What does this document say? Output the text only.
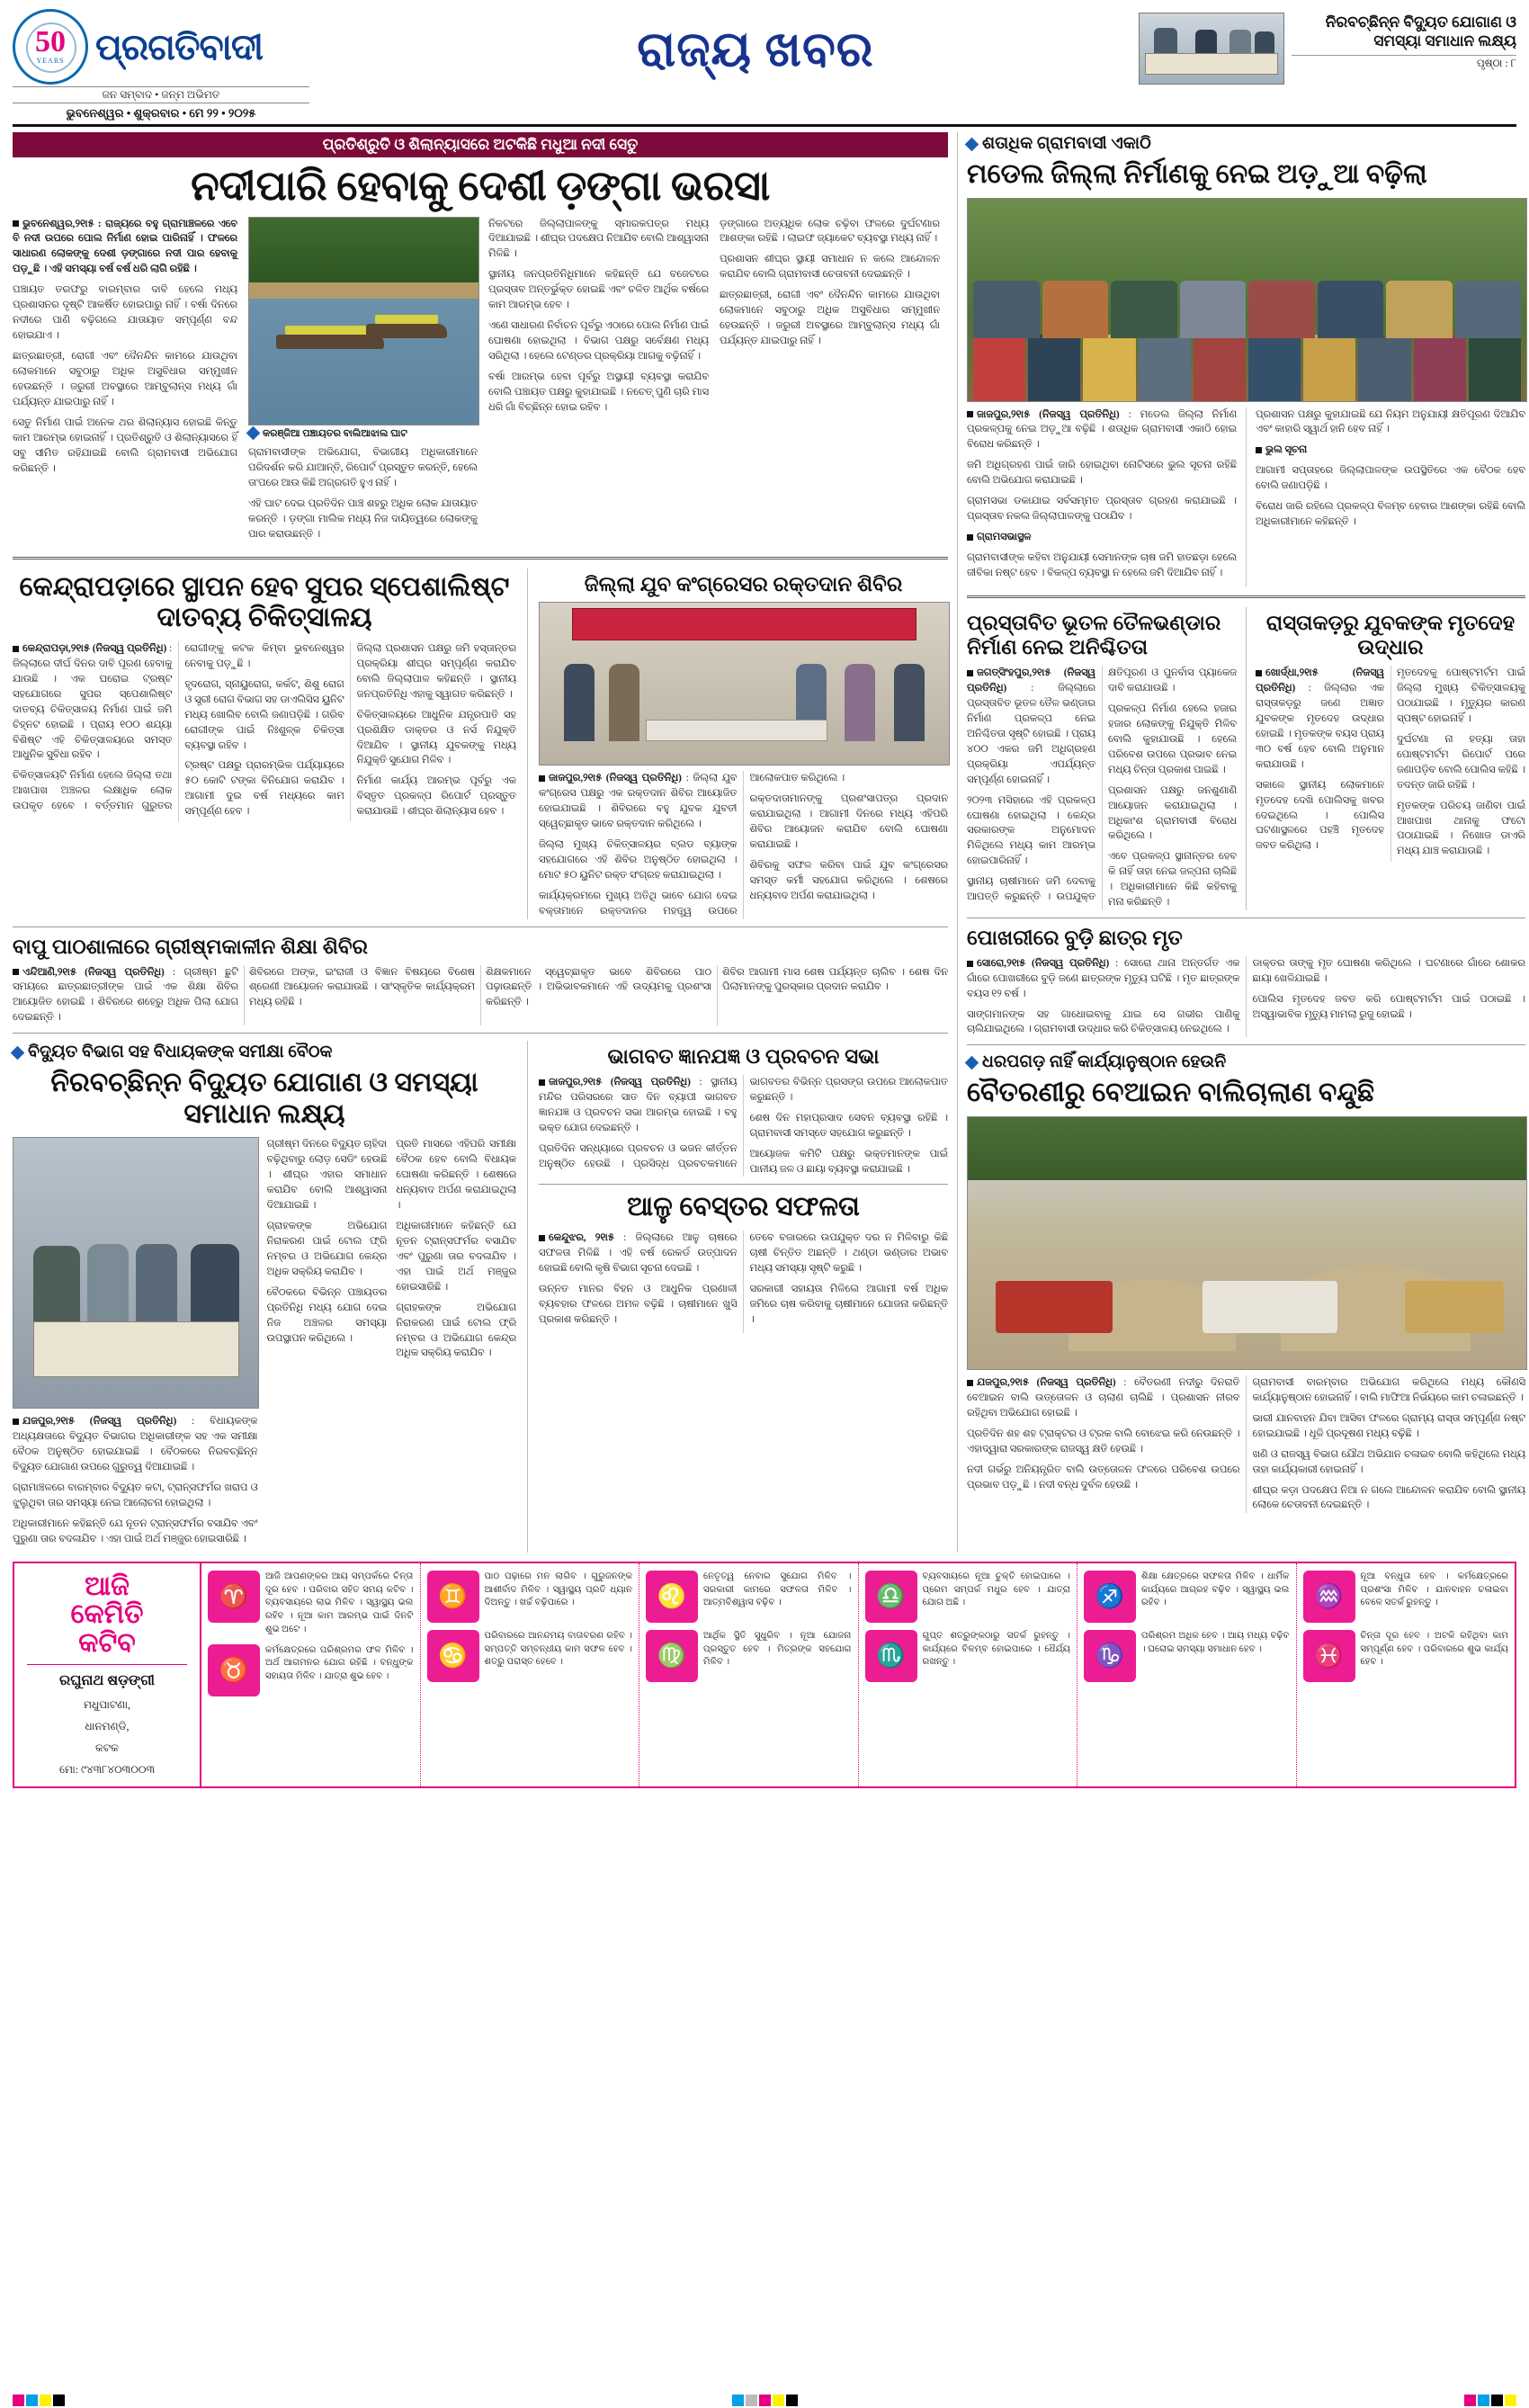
50
YEARS ପ୍ରଗତିବାଦୀ
ଜନ ସମ୍ବାଦ • ଜନ୍ମ ଅଭିମତ
ଭୁବନେଶ୍ୱର • ଶୁକ୍ରବାର • ମେ ୨୨ • ୨୦୨୫
ରାଜ୍ୟ ଖବର
ନିରବଚ୍ଛିନ୍ନ ବିଦ୍ୟୁତ ଯୋଗାଣ ଓ ସମସ୍ୟା ସମାଧାନ ଲକ୍ଷ୍ୟ
ପୃଷ୍ଠା : ୮
ପ୍ରତିଶ୍ରୁତି ଓ ଶିଲାନ୍ୟାସରେ ଅଟକିଛି ମଧୁଆ ନଦୀ ସେତୁ
ନଦୀପାରି ହେବାକୁ ଦେଶୀ ଡ଼ଙ୍ଗା ଭରସା

ଭୁବନେଶ୍ୱର,୨୧ା୫ : ରାଜ୍ୟରେ ବହୁ ଗ୍ରାମାଞ୍ଚଳରେ ଏବେ ବି ନଦୀ ଉପରେ ପୋଲ ନିର୍ମାଣ ହୋଇ ପାରିନାହିଁ । ଫଳରେ ସାଧାରଣ ଲୋକଙ୍କୁ ଦେଶୀ ଡ଼ଙ୍ଗାରେ ନଦୀ ପାର ହେବାକୁ ପଡ଼ୁଛି । ଏହି ସମସ୍ୟା ବର୍ଷ ବର୍ଷ ଧରି ଲାଗି ରହିଛି ।

ପଞ୍ଚାୟତ ତରଫରୁ ବାରମ୍ବାର ଦାବି ହେଲେ ମଧ୍ୟ ପ୍ରଶାସନର ଦୃଷ୍ଟି ଆକର୍ଷିତ ହୋଇପାରୁ ନାହିଁ । ବର୍ଷା ଦିନରେ ନଦୀରେ ପାଣି ବଢ଼ିଗଲେ ଯାତାୟାତ ସମ୍ପୂର୍ଣ୍ଣ ବନ୍ଦ ହୋଇଯାଏ ।

ଛାତ୍ରଛାତ୍ରୀ, ରୋଗୀ ଏବଂ ଦୈନନ୍ଦିନ କାମରେ ଯାଉଥିବା ଲୋକମାନେ ସବୁଠାରୁ ଅଧିକ ଅସୁବିଧାର ସମ୍ମୁଖୀନ ହେଉଛନ୍ତି । ଜରୁରୀ ଅବସ୍ଥାରେ ଆମ୍ବୁଲାନ୍ସ ମଧ୍ୟ ଗାଁ ପର୍ଯ୍ୟନ୍ତ ଯାଇପାରୁ ନାହିଁ ।

ସେତୁ ନିର୍ମାଣ ପାଇଁ ଅନେକ ଥର ଶିଲାନ୍ୟାସ ହୋଇଛି କିନ୍ତୁ କାମ ଆରମ୍ଭ ହୋଇନାହିଁ । ପ୍ରତିଶ୍ରୁତି ଓ ଶିଲାନ୍ୟାସରେ ହିଁ ସବୁ ସୀମିତ ରହିଯାଇଛି ବୋଲି ଗ୍ରାମବାସୀ ଅଭିଯୋଗ କରିଛନ୍ତି ।

କରଞ୍ଜିଆ ପଞ୍ଚାୟତର ବାଲିଆଝାଲ ଘାଟ

ଗ୍ରାମବାସୀଙ୍କ ଅଭିଯୋଗ, ବିଭାଗୀୟ ଅଧିକାରୀମାନେ ପରିଦର୍ଶନ କରି ଯାଆନ୍ତି, ରିପୋର୍ଟ ପ୍ରସ୍ତୁତ କରନ୍ତି, ହେଲେ ତା'ପରେ ଆଉ କିଛି ଅଗ୍ରଗତି ହୁଏ ନାହିଁ ।

ଏହି ଘାଟ ଦେଇ ପ୍ରତିଦିନ ପାଞ୍ଚ ଶହରୁ ଅଧିକ ଲୋକ ଯାତାୟାତ କରନ୍ତି । ଡ଼ଙ୍ଗା ମାଲିକ ମଧ୍ୟ ନିଜ ଦାୟିତ୍ୱରେ ଲୋକଙ୍କୁ ପାର କରାଉଛନ୍ତି ।

ନିକଟରେ ଜିଲ୍ଲାପାଳଙ୍କୁ ସ୍ମାରକପତ୍ର ମଧ୍ୟ ଦିଆଯାଇଛି । ଶୀଘ୍ର ପଦକ୍ଷେପ ନିଆଯିବ ବୋଲି ଆଶ୍ୱାସନା ମିଳିଛି ।

ସ୍ଥାନୀୟ ଜନପ୍ରତିନିଧିମାନେ କହିଛନ୍ତି ଯେ ବଜେଟରେ ପ୍ରସ୍ତାବ ଅନ୍ତର୍ଭୁକ୍ତ ହୋଇଛି ଏବଂ ଚଳିତ ଆର୍ଥିକ ବର୍ଷରେ କାମ ଆରମ୍ଭ ହେବ ।

ଏଣେ ସାଧାରଣ ନିର୍ବାଚନ ପୂର୍ବରୁ ଏଠାରେ ପୋଲ ନିର୍ମାଣ ପାଇଁ ଘୋଷଣା ହୋଇଥିଲା । ବିଭାଗ ପକ୍ଷରୁ ସର୍ବେକ୍ଷଣ ମଧ୍ୟ ସରିଥିଲା । ହେଲେ ଟେଣ୍ଡର ପ୍ରକ୍ରିୟା ଆଗକୁ ବଢ଼ିନାହିଁ ।

ବର୍ଷା ଆରମ୍ଭ ହେବା ପୂର୍ବରୁ ଅସ୍ଥାୟୀ ବ୍ୟବସ୍ଥା କରାଯିବ ବୋଲି ପଞ୍ଚାୟତ ପକ୍ଷରୁ କୁହାଯାଇଛି । ନଚେତ୍ ପୁଣି ଚାରି ମାସ ଧରି ଗାଁ ବିଚ୍ଛିନ୍ନ ହୋଇ ରହିବ ।

ଡ଼ଙ୍ଗାରେ ଅତ୍ୟଧିକ ଲୋକ ଚଢ଼ିବା ଫଳରେ ଦୁର୍ଘଟଣାର ଆଶଙ୍କା ରହିଛି । ଲାଇଫ ଜ୍ୟାକେଟ ବ୍ୟବସ୍ଥା ମଧ୍ୟ ନାହିଁ ।

ପ୍ରଶାସନ ଶୀଘ୍ର ସ୍ଥାୟୀ ସମାଧାନ ନ କଲେ ଆନ୍ଦୋଳନ କରାଯିବ ବୋଲି ଗ୍ରାମବାସୀ ଚେତାବନୀ ଦେଇଛନ୍ତି ।

ଛାତ୍ରଛାତ୍ରୀ, ରୋଗୀ ଏବଂ ଦୈନନ୍ଦିନ କାମରେ ଯାଉଥିବା ଲୋକମାନେ ସବୁଠାରୁ ଅଧିକ ଅସୁବିଧାର ସମ୍ମୁଖୀନ ହେଉଛନ୍ତି । ଜରୁରୀ ଅବସ୍ଥାରେ ଆମ୍ବୁଲାନ୍ସ ମଧ୍ୟ ଗାଁ ପର୍ଯ୍ୟନ୍ତ ଯାଇପାରୁ ନାହିଁ ।

କେନ୍ଦ୍ରାପଡ଼ାରେ ସ୍ଥାପନ ହେବ ସୁପର ସ୍ପେଶାଲିଷ୍ଟ ଦାତବ୍ୟ ଚିକିତ୍ସାଳୟ

କେନ୍ଦ୍ରାପଡ଼ା,୨୧ା୫ (ନିଜସ୍ୱ ପ୍ରତିନିଧି) : ଜିଲ୍ଲାରେ ଦୀର୍ଘ ଦିନର ଦାବି ପୂରଣ ହେବାକୁ ଯାଉଛି । ଏକ ଘରୋଇ ଟ୍ରଷ୍ଟ ସହଯୋଗରେ ସୁପର ସ୍ପେଶାଲିଷ୍ଟ ଦାତବ୍ୟ ଚିକିତ୍ସାଳୟ ନିର୍ମାଣ ପାଇଁ ଜମି ଚିହ୍ନଟ ହୋଇଛି । ପ୍ରାୟ ୧୦୦ ଶଯ୍ୟା ବିଶିଷ୍ଟ ଏହି ଚିକିତ୍ସାଳୟରେ ସମସ୍ତ ଆଧୁନିକ ସୁବିଧା ରହିବ ।

ଚିକିତ୍ସାଳୟଟି ନିର୍ମାଣ ହେଲେ ଜିଲ୍ଲା ତଥା ଆଖପାଖ ଅଞ୍ଚଳର ଲକ୍ଷାଧିକ ଲୋକ ଉପକୃତ ହେବେ । ବର୍ତ୍ତମାନ ଗୁରୁତର ରୋଗୀଙ୍କୁ କଟକ କିମ୍ବା ଭୁବନେଶ୍ୱର ନେବାକୁ ପଡ଼ୁଛି ।

ହୃଦରୋଗ, ସ୍ନାୟୁରୋଗ, କର୍କଟ, ଶିଶୁ ରୋଗ ଓ ସ୍ତ୍ରୀ ରୋଗ ବିଭାଗ ସହ ଡାଏଲିସିସ ୟୁନିଟ ମଧ୍ୟ ଖୋଲିବ ବୋଲି ଜଣାପଡ଼ିଛି । ଗରିବ ରୋଗୀଙ୍କ ପାଇଁ ନିଃଶୁଳ୍କ ଚିକିତ୍ସା ବ୍ୟବସ୍ଥା ରହିବ ।

ଟ୍ରଷ୍ଟ ପକ୍ଷରୁ ପ୍ରାରମ୍ଭିକ ପର୍ଯ୍ୟାୟରେ ୫୦ କୋଟି ଟଙ୍କା ବିନିଯୋଗ କରାଯିବ । ଆଗାମୀ ଦୁଇ ବର୍ଷ ମଧ୍ୟରେ କାମ ସମ୍ପୂର୍ଣ୍ଣ ହେବ ।

ଜିଲ୍ଲା ପ୍ରଶାସନ ପକ୍ଷରୁ ଜମି ହସ୍ତାନ୍ତର ପ୍ରକ୍ରିୟା ଶୀଘ୍ର ସମ୍ପୂର୍ଣ୍ଣ କରାଯିବ ବୋଲି ଜିଲ୍ଲାପାଳ କହିଛନ୍ତି । ସ୍ଥାନୀୟ ଜନପ୍ରତିନିଧି ଏହାକୁ ସ୍ୱାଗତ କରିଛନ୍ତି ।

ଚିକିତ୍ସାଳୟରେ ଆଧୁନିକ ଯନ୍ତ୍ରପାତି ସହ ପ୍ରଶିକ୍ଷିତ ଡାକ୍ତର ଓ ନର୍ସ ନିଯୁକ୍ତି ଦିଆଯିବ । ସ୍ଥାନୀୟ ଯୁବକଙ୍କୁ ମଧ୍ୟ ନିଯୁକ୍ତି ସୁଯୋଗ ମିଳିବ ।

ନିର୍ମାଣ କାର୍ଯ୍ୟ ଆରମ୍ଭ ପୂର୍ବରୁ ଏକ ବିସ୍ତୃତ ପ୍ରକଳ୍ପ ରିପୋର୍ଟ ପ୍ରସ୍ତୁତ କରାଯାଉଛି । ଶୀଘ୍ର ଶିଲାନ୍ୟାସ ହେବ ।

ଜିଲ୍ଲା ଯୁବ କଂଗ୍ରେସର ରକ୍ତଦାନ ଶିବିର

ଜାଜପୁର,୨୧ା୫ (ନିଜସ୍ୱ ପ୍ରତିନିଧି) : ଜିଲ୍ଲା ଯୁବ କଂଗ୍ରେସ ପକ୍ଷରୁ ଏକ ରକ୍ତଦାନ ଶିବିର ଆୟୋଜିତ ହୋଇଯାଇଛି । ଶିବିରରେ ବହୁ ଯୁବକ ଯୁବତୀ ସ୍ୱେଚ୍ଛାକୃତ ଭାବେ ରକ୍ତଦାନ କରିଥିଲେ ।

ଜିଲ୍ଲା ମୁଖ୍ୟ ଚିକିତ୍ସାଳୟର ବ୍ଲଡ ବ୍ୟାଙ୍କ ସହଯୋଗରେ ଏହି ଶିବିର ଅନୁଷ୍ଠିତ ହୋଇଥିଲା । ମୋଟ ୫୦ ୟୁନିଟ ରକ୍ତ ସଂଗ୍ରହ କରାଯାଇଥିଲା ।

କାର୍ଯ୍ୟକ୍ରମରେ ମୁଖ୍ୟ ଅତିଥି ଭାବେ ଯୋଗ ଦେଇ ବକ୍ତାମାନେ ରକ୍ତଦାନର ମହତ୍ତ୍ୱ ଉପରେ ଆଲୋକପାତ କରିଥିଲେ ।

ରକ୍ତଦାତାମାନଙ୍କୁ ପ୍ରଶଂସାପତ୍ର ପ୍ରଦାନ କରାଯାଇଥିଲା । ଆଗାମୀ ଦିନରେ ମଧ୍ୟ ଏହିପରି ଶିବିର ଆୟୋଜନ କରାଯିବ ବୋଲି ଘୋଷଣା କରାଯାଇଛି ।

ଶିବିରକୁ ସଫଳ କରିବା ପାଇଁ ଯୁବ କଂଗ୍ରେସର ସମସ୍ତ କର୍ମୀ ସହଯୋଗ କରିଥିଲେ । ଶେଷରେ ଧନ୍ୟବାଦ ଅର୍ପଣ କରାଯାଇଥିଲା ।

ବାପୁ ପାଠଶାଳାରେ ଗ୍ରୀଷ୍ମକାଳୀନ ଶିକ୍ଷା ଶିବିର

ଏନ୍ଦିଆଣି,୨୧ା୫ (ନିଜସ୍ୱ ପ୍ରତିନିଧି) : ଗ୍ରୀଷ୍ମ ଛୁଟି ସମୟରେ ଛାତ୍ରଛାତ୍ରୀଙ୍କ ପାଇଁ ଏକ ଶିକ୍ଷା ଶିବିର ଆୟୋଜିତ ହୋଇଛି । ଶିବିରରେ ଶହେରୁ ଅଧିକ ପିଲା ଯୋଗ ଦେଇଛନ୍ତି ।

ଶିବିରରେ ଅଙ୍କ, ଇଂରାଜୀ ଓ ବିଜ୍ଞାନ ବିଷୟରେ ବିଶେଷ ଶ୍ରେଣୀ ଆୟୋଜନ କରାଯାଉଛି । ସାଂସ୍କୃତିକ କାର୍ଯ୍ୟକ୍ରମ ମଧ୍ୟ ରହିଛି ।

ଶିକ୍ଷକମାନେ ସ୍ୱେଚ୍ଛାକୃତ ଭାବେ ଶିବିରରେ ପାଠ ପଢ଼ାଉଛନ୍ତି । ଅଭିଭାବକମାନେ ଏହି ଉଦ୍ୟମକୁ ପ୍ରଶଂସା କରିଛନ୍ତି ।

ଶିବିର ଆଗାମୀ ମାସ ଶେଷ ପର୍ଯ୍ୟନ୍ତ ଚାଲିବ । ଶେଷ ଦିନ ପିଲାମାନଙ୍କୁ ପୁରସ୍କାର ପ୍ରଦାନ କରାଯିବ ।

ବିଦ୍ୟୁତ ବିଭାଗ ସହ ବିଧାୟକଙ୍କ ସମୀକ୍ଷା ବୈଠକ
ନିରବଚ୍ଛିନ୍ନ ବିଦ୍ୟୁତ ଯୋଗାଣ ଓ ସମସ୍ୟା ସମାଧାନ ଲକ୍ଷ୍ୟ

ଯଜପୁର,୨୧ା୫ (ନିଜସ୍ୱ ପ୍ରତିନିଧି) : ବିଧାୟକଙ୍କ ଅଧ୍ୟକ୍ଷତାରେ ବିଦ୍ୟୁତ ବିଭାଗର ଅଧିକାରୀଙ୍କ ସହ ଏକ ସମୀକ୍ଷା ବୈଠକ ଅନୁଷ୍ଠିତ ହୋଇଯାଇଛି । ବୈଠକରେ ନିରବଚ୍ଛିନ୍ନ ବିଦ୍ୟୁତ ଯୋଗାଣ ଉପରେ ଗୁରୁତ୍ୱ ଦିଆଯାଇଛି ।

ଗ୍ରାମାଞ୍ଚଳରେ ବାରମ୍ବାର ବିଦ୍ୟୁତ କଟା, ଟ୍ରାନ୍ସଫର୍ମର ଖରାପ ଓ ଝୁଲୁଥିବା ତାର ସମସ୍ୟା ନେଇ ଆଲୋଚନା ହୋଇଥିଲା ।

ଅଧିକାରୀମାନେ କହିଛନ୍ତି ଯେ ନୂତନ ଟ୍ରାନ୍ସଫର୍ମର ବସାଯିବ ଏବଂ ପୁରୁଣା ତାର ବଦଳାଯିବ । ଏହା ପାଇଁ ଅର୍ଥ ମଞ୍ଜୁର ହୋଇସାରିଛି ।

ଗ୍ରୀଷ୍ମ ଦିନରେ ବିଦ୍ୟୁତ ଚାହିଦା ବଢ଼ିଥିବାରୁ ଲୋଡ଼ ସେଡିଂ ହେଉଛି । ଶୀଘ୍ର ଏହାର ସମାଧାନ କରାଯିବ ବୋଲି ଆଶ୍ୱାସନା ଦିଆଯାଇଛି ।

ଗ୍ରାହକଙ୍କ ଅଭିଯୋଗ ନିରାକରଣ ପାଇଁ ଟୋଲ ଫ୍ରି ନମ୍ବର ଓ ଅଭିଯୋଗ କେନ୍ଦ୍ର ଅଧିକ ସକ୍ରିୟ କରାଯିବ ।

ବୈଠକରେ ବିଭିନ୍ନ ପଞ୍ଚାୟତର ପ୍ରତିନିଧି ମଧ୍ୟ ଯୋଗ ଦେଇ ନିଜ ଅଞ୍ଚଳର ସମସ୍ୟା ଉପସ୍ଥାପନ କରିଥିଲେ ।

ପ୍ରତି ମାସରେ ଏହିପରି ସମୀକ୍ଷା ବୈଠକ ହେବ ବୋଲି ବିଧାୟକ ଘୋଷଣା କରିଛନ୍ତି । ଶେଷରେ ଧନ୍ୟବାଦ ଅର୍ପଣ କରାଯାଇଥିଲା ।

ଅଧିକାରୀମାନେ କହିଛନ୍ତି ଯେ ନୂତନ ଟ୍ରାନ୍ସଫର୍ମର ବସାଯିବ ଏବଂ ପୁରୁଣା ତାର ବଦଳାଯିବ । ଏହା ପାଇଁ ଅର୍ଥ ମଞ୍ଜୁର ହୋଇସାରିଛି ।

ଗ୍ରାହକଙ୍କ ଅଭିଯୋଗ ନିରାକରଣ ପାଇଁ ଟୋଲ ଫ୍ରି ନମ୍ବର ଓ ଅଭିଯୋଗ କେନ୍ଦ୍ର ଅଧିକ ସକ୍ରିୟ କରାଯିବ ।

ଭାଗବତ ଜ୍ଞାନଯଜ୍ଞ ଓ ପ୍ରବଚନ ସଭା

ଜାଜପୁର,୨୧ା୫ (ନିଜସ୍ୱ ପ୍ରତିନିଧି) : ସ୍ଥାନୀୟ ମନ୍ଦିର ପରିସରରେ ସାତ ଦିନ ବ୍ୟାପୀ ଭାଗବତ ଜ୍ଞାନଯଜ୍ଞ ଓ ପ୍ରବଚନ ସଭା ଆରମ୍ଭ ହୋଇଛି । ବହୁ ଭକ୍ତ ଯୋଗ ଦେଇଛନ୍ତି ।

ପ୍ରତିଦିନ ସନ୍ଧ୍ୟାରେ ପ୍ରବଚନ ଓ ଭଜନ କୀର୍ତ୍ତନ ଅନୁଷ୍ଠିତ ହେଉଛି । ପ୍ରସିଦ୍ଧ ପ୍ରବଚକମାନେ ଭାଗବତର ବିଭିନ୍ନ ପ୍ରସଙ୍ଗ ଉପରେ ଆଲୋକପାତ କରୁଛନ୍ତି ।

ଶେଷ ଦିନ ମହାପ୍ରସାଦ ସେବନ ବ୍ୟବସ୍ଥା ରହିଛି । ଗ୍ରାମବାସୀ ସମସ୍ତେ ସହଯୋଗ କରୁଛନ୍ତି ।

ଆୟୋଜକ କମିଟି ପକ୍ଷରୁ ଭକ୍ତମାନଙ୍କ ପାଇଁ ପାନୀୟ ଜଳ ଓ ଛାୟା ବ୍ୟବସ୍ଥା କରାଯାଇଛି ।

ଆଳୁ ବେସ୍ତର ସଫଳତା

କେନ୍ଦୁଝର, ୨୧ା୫ : ଜିଲ୍ଲାରେ ଆଳୁ ଚାଷରେ ସଫଳତା ମିଳିଛି । ଏହି ବର୍ଷ ରେକର୍ଡ ଉତ୍ପାଦନ ହୋଇଛି ବୋଲି କୃଷି ବିଭାଗ ସୂଚନା ଦେଇଛି ।

ଉନ୍ନତ ମାନର ବିହନ ଓ ଆଧୁନିକ ପ୍ରଣାଳୀ ବ୍ୟବହାର ଫଳରେ ଅମଳ ବଢ଼ିଛି । ଚାଷୀମାନେ ଖୁସି ପ୍ରକାଶ କରିଛନ୍ତି ।

ତେବେ ବଜାରରେ ଉପଯୁକ୍ତ ଦର ନ ମିଳିବାରୁ କିଛି ଚାଷୀ ଚିନ୍ତିତ ଅଛନ୍ତି । ଥଣ୍ଡା ଭଣ୍ଡାର ଅଭାବ ମଧ୍ୟ ସମସ୍ୟା ସୃଷ୍ଟି କରୁଛି ।

ସରକାରୀ ସହାୟତା ମିଳିଲେ ଆଗାମୀ ବର୍ଷ ଅଧିକ ଜମିରେ ଚାଷ କରିବାକୁ ଚାଷୀମାନେ ଯୋଜନା କରିଛନ୍ତି ।

ଶତାଧିକ ଗ୍ରାମବାସୀ ଏକାଠି
ମଡେଲ ଜିଲ୍ଲା ନିର୍ମାଣକୁ ନେଇ ଅଡ଼ୁଆ ବଢ଼ିଲା

ଜାଜପୁର,୨୧ା୫ (ନିଜସ୍ୱ ପ୍ରତିନିଧି) : ମଡେଲ ଜିଲ୍ଲା ନିର୍ମାଣ ପ୍ରକଳ୍ପକୁ ନେଇ ଅଡ଼ୁଆ ବଢ଼ିଛି । ଶତାଧିକ ଗ୍ରାମବାସୀ ଏକାଠି ହୋଇ ବିରୋଧ କରିଛନ୍ତି ।

ଜମି ଅଧିଗ୍ରହଣ ପାଇଁ ଜାରି ହୋଇଥିବା ନୋଟିସରେ ଭୁଲ ସୂଚନା ରହିଛି ବୋଲି ଅଭିଯୋଗ କରାଯାଇଛି ।

ଗ୍ରାମସଭା ଡକାଯାଇ ସର୍ବସମ୍ମତ ପ୍ରସ୍ତାବ ଗ୍ରହଣ କରାଯାଇଛି । ପ୍ରସ୍ତାବ ନକଲ ଜିଲ୍ଲାପାଳଙ୍କୁ ପଠାଯିବ ।

ଗ୍ରାମସଭାସ୍ଥଳ

ଗ୍ରାମବାସୀଙ୍କ କହିବା ଅନୁଯାୟୀ ସେମାନଙ୍କ ଚାଷ ଜମି ହାତଛଡ଼ା ହେଲେ ଜୀବିକା ନଷ୍ଟ ହେବ । ବିକଳ୍ପ ବ୍ୟବସ୍ଥା ନ ହେଲେ ଜମି ଦିଆଯିବ ନାହିଁ ।

ପ୍ରଶାସନ ପକ୍ଷରୁ କୁହାଯାଇଛି ଯେ ନିୟମ ଅନୁଯାୟୀ କ୍ଷତିପୂରଣ ଦିଆଯିବ ଏବଂ କାହାରି ସ୍ୱାର୍ଥ ହାନି ହେବ ନାହିଁ ।

ଭୁଲ ସୂଚନା

ଆଗାମୀ ସପ୍ତାହରେ ଜିଲ୍ଲାପାଳଙ୍କ ଉପସ୍ଥିତିରେ ଏକ ବୈଠକ ହେବ ବୋଲି ଜଣାପଡ଼ିଛି ।

ବିରୋଧ ଜାରି ରହିଲେ ପ୍ରକଳ୍ପ ବିଳମ୍ବ ହେବାର ଆଶଙ୍କା ରହିଛି ବୋଲି ଅଧିକାରୀମାନେ କହିଛନ୍ତି ।

ପ୍ରସ୍ତାବିତ ଭୂତଳ ତୈଳଭଣ୍ଡାର ନିର୍ମାଣ ନେଇ ଅନିଶ୍ଚିତତା

ଜଗତ୍‌ସିଂହପୁର,୨୧ା୫ (ନିଜସ୍ୱ ପ୍ରତିନିଧି) : ଜିଲ୍ଲାରେ ପ୍ରସ୍ତାବିତ ଭୂତଳ ତୈଳ ଭଣ୍ଡାର ନିର୍ମାଣ ପ୍ରକଳ୍ପ ନେଇ ଅନିଶ୍ଚିତତା ସୃଷ୍ଟି ହୋଇଛି । ପ୍ରାୟ ୪୦୦ ଏକର ଜମି ଅଧିଗ୍ରହଣ ପ୍ରକ୍ରିୟା ଏପର୍ଯ୍ୟନ୍ତ ସମ୍ପୂର୍ଣ୍ଣ ହୋଇନାହିଁ ।

୨୦୨୩ ମସିହାରେ ଏହି ପ୍ରକଳ୍ପ ଘୋଷଣା ହୋଇଥିଲା । କେନ୍ଦ୍ର ସରକାରଙ୍କ ଅନୁମୋଦନ ମିଳିଥିଲେ ମଧ୍ୟ କାମ ଆରମ୍ଭ ହୋଇପାରିନାହିଁ ।

ସ୍ଥାନୀୟ ଚାଷୀମାନେ ଜମି ଦେବାକୁ ଆପତ୍ତି କରୁଛନ୍ତି । ଉପଯୁକ୍ତ କ୍ଷତିପୂରଣ ଓ ପୁନର୍ବାସ ପ୍ୟାକେଜ ଦାବି କରାଯାଉଛି ।

ପ୍ରକଳ୍ପ ନିର୍ମାଣ ହେଲେ ହଜାର ହଜାର ଲୋକଙ୍କୁ ନିଯୁକ୍ତି ମିଳିବ ବୋଲି କୁହାଯାଉଛି । ହେଲେ ପରିବେଶ ଉପରେ ପ୍ରଭାବ ନେଇ ମଧ୍ୟ ଚିନ୍ତା ପ୍ରକାଶ ପାଇଛି ।

ପ୍ରଶାସନ ପକ୍ଷରୁ ଜନଶୁଣାଣି ଆୟୋଜନ କରାଯାଇଥିଲା । ଅଧିକାଂଶ ଗ୍ରାମବାସୀ ବିରୋଧ କରିଥିଲେ ।

ଏବେ ପ୍ରକଳ୍ପ ସ୍ଥାନାନ୍ତର ହେବ କି ନାହିଁ ତାହା ନେଇ ଜଳ୍ପନା ଚାଲିଛି । ଅଧିକାରୀମାନେ କିଛି କହିବାକୁ ମନା କରିଛନ୍ତି ।

ରାସ୍ତାକଡ଼ରୁ ଯୁବକଙ୍କ ମୃତଦେହ ଉଦ୍ଧାର

ଖୋର୍ଦ୍ଧା,୨୧ା୫ (ନିଜସ୍ୱ ପ୍ରତିନିଧି) : ଜିଲ୍ଲାର ଏକ ରାସ୍ତାକଡ଼ରୁ ଜଣେ ଅଜ୍ଞାତ ଯୁବକଙ୍କ ମୃତଦେହ ଉଦ୍ଧାର ହୋଇଛି । ମୃତକଙ୍କ ବୟସ ପ୍ରାୟ ୩୦ ବର୍ଷ ହେବ ବୋଲି ଅନୁମାନ କରାଯାଉଛି ।

ସକାଳେ ସ୍ଥାନୀୟ ଲୋକମାନେ ମୃତଦେହ ଦେଖି ପୋଲିସକୁ ଖବର ଦେଇଥିଲେ । ପୋଲିସ ଘଟଣାସ୍ଥଳରେ ପହଞ୍ଚି ମୃତଦେହ ଜବତ କରିଥିଲା ।

ମୃତଦେହକୁ ପୋଷ୍ଟମର୍ଟମ ପାଇଁ ଜିଲ୍ଲା ମୁଖ୍ୟ ଚିକିତ୍ସାଳୟକୁ ପଠାଯାଇଛି । ମୃତ୍ୟୁର କାରଣ ସ୍ପଷ୍ଟ ହୋଇନାହିଁ ।

ଦୁର୍ଘଟଣା ନା ହତ୍ୟା ତାହା ପୋଷ୍ଟମର୍ଟମ ରିପୋର୍ଟ ପରେ ଜଣାପଡ଼ିବ ବୋଲି ପୋଲିସ କହିଛି । ତଦନ୍ତ ଜାରି ରହିଛି ।

ମୃତକଙ୍କ ପରିଚୟ ଜାଣିବା ପାଇଁ ଆଖପାଖ ଥାନାକୁ ଫଟୋ ପଠାଯାଇଛି । ନିଖୋଜ ଡାଏରି ମଧ୍ୟ ଯାଞ୍ଚ କରାଯାଉଛି ।

ପୋଖରୀରେ ବୁଡ଼ି ଛାତ୍ର ମୃତ

ସୋରୋ,୨୧ା୫ (ନିଜସ୍ୱ ପ୍ରତିନିଧି) : ସୋରୋ ଥାନା ଅନ୍ତର୍ଗତ ଏକ ଗାଁରେ ପୋଖରୀରେ ବୁଡ଼ି ଜଣେ ଛାତ୍ରଙ୍କ ମୃତ୍ୟୁ ଘଟିଛି । ମୃତ ଛାତ୍ରଙ୍କ ବୟସ ୧୨ ବର୍ଷ ।

ସାଙ୍ଗମାନଙ୍କ ସହ ଗାଧୋଇବାକୁ ଯାଇ ସେ ଗଭୀର ପାଣିକୁ ଚାଲିଯାଇଥିଲେ । ଗ୍ରାମବାସୀ ଉଦ୍ଧାର କରି ଚିକିତ୍ସାଳୟ ନେଇଥିଲେ ।

ଡାକ୍ତର ତାଙ୍କୁ ମୃତ ଘୋଷଣା କରିଥିଲେ । ଘଟଣାରେ ଗାଁରେ ଶୋକର ଛାୟା ଖେଳିଯାଇଛି ।

ପୋଲିସ ମୃତଦେହ ଜବତ କରି ପୋଷ୍ଟମର୍ଟମ ପାଇଁ ପଠାଇଛି । ଅସ୍ୱାଭାବିକ ମୃତ୍ୟୁ ମାମଲା ରୁଜୁ ହୋଇଛି ।

ଧରପଗଡ଼ ନାହିଁ କାର୍ଯ୍ୟାନୁଷ୍ଠାନ ହେଉନି
ବୈତରଣୀରୁ ବେଆଇନ ବାଲିଚାଲାଣ ବନ୍ଦୁଛି

ଯଜପୁର,୨୧ା୫ (ନିଜସ୍ୱ ପ୍ରତିନିଧି) : ବୈତରଣୀ ନଦୀରୁ ଦିନରାତି ବେଆଇନ ବାଲି ଉତ୍ତୋଳନ ଓ ଚାଲାଣ ଚାଲିଛି । ପ୍ରଶାସନ ନୀରବ ରହିଥିବା ଅଭିଯୋଗ ହୋଇଛି ।

ପ୍ରତିଦିନ ଶହ ଶହ ଟ୍ରାକ୍ଟର ଓ ଟ୍ରକ ବାଲି ବୋଝେଇ କରି ନେଉଛନ୍ତି । ଏହାଦ୍ୱାରା ସରକାରଙ୍କ ରାଜସ୍ୱ କ୍ଷତି ହେଉଛି ।

ନଦୀ ଗର୍ଭରୁ ଅନିୟନ୍ତ୍ରିତ ବାଲି ଉତ୍ତୋଳନ ଫଳରେ ପରିବେଶ ଉପରେ ପ୍ରଭାବ ପଡ଼ୁଛି । ନଦୀ ବନ୍ଧ ଦୁର୍ବଳ ହେଉଛି ।

ଗ୍ରାମବାସୀ ବାରମ୍ବାର ଅଭିଯୋଗ କରିଥିଲେ ମଧ୍ୟ କୌଣସି କାର୍ଯ୍ୟାନୁଷ୍ଠାନ ହୋଇନାହିଁ । ବାଲି ମାଫିଆ ନିର୍ଭୟରେ କାମ ଚଳାଇଛନ୍ତି ।

ଭାରୀ ଯାନବାହନ ଯିବା ଆସିବା ଫଳରେ ଗ୍ରାମ୍ୟ ରାସ୍ତା ସମ୍ପୂର୍ଣ୍ଣ ନଷ୍ଟ ହୋଇଯାଇଛି । ଧୂଳି ପ୍ରଦୂଷଣ ମଧ୍ୟ ବଢ଼ିଛି ।

ଖଣି ଓ ରାଜସ୍ୱ ବିଭାଗ ଯୌଥ ଅଭିଯାନ ଚଳାଇବ ବୋଲି କହିଥିଲେ ମଧ୍ୟ ତାହା କାର୍ଯ୍ୟକାରୀ ହୋଇନାହିଁ ।

ଶୀଘ୍ର କଡ଼ା ପଦକ୍ଷେପ ନିଆ ନ ଗଲେ ଆନ୍ଦୋଳନ କରାଯିବ ବୋଲି ସ୍ଥାନୀୟ ଲୋକେ ଚେତାବନୀ ଦେଇଛନ୍ତି ।

ଆଜି
କେମିତି
କଟିବ
ରଘୁନାଥ ଷଡ଼ଙ୍ଗୀ
ମଧୁପାଟଣା,
ଧାନମଣ୍ଡି,
କଟକ
ମୋ: ୯୪୩୮୪୦୩୦୦୩
♈
ଆଜି ଆପଣଙ୍କର ଆୟ ସମ୍ପର୍କରେ ଚିନ୍ତା ଦୂର ହେବ । ପରିବାର ସହିତ ସମୟ କଟିବ । ବ୍ୟବସାୟରେ ଲାଭ ମିଳିବ । ସ୍ୱାସ୍ଥ୍ୟ ଭଲ ରହିବ । ନୂଆ କାମ ଆରମ୍ଭ ପାଇଁ ଦିନଟି ଶୁଭ ଅଟେ ।
♉
କର୍ମକ୍ଷେତ୍ରରେ ପରିଶ୍ରମର ଫଳ ମିଳିବ । ଅର୍ଥ ଆଗମନର ଯୋଗ ରହିଛି । ବନ୍ଧୁଙ୍କ ସହାୟତା ମିଳିବ । ଯାତ୍ରା ଶୁଭ ହେବ ।
♊
ପାଠ ପଢ଼ାରେ ମନ ଲାଗିବ । ଗୁରୁଜନଙ୍କ ଆଶୀର୍ବାଦ ମିଳିବ । ସ୍ୱାସ୍ଥ୍ୟ ପ୍ରତି ଧ୍ୟାନ ଦିଅନ୍ତୁ । ଖର୍ଚ୍ଚ ବଢ଼ିପାରେ ।
♋
ପରିବାରରେ ଆନନ୍ଦମୟ ବାତାବରଣ ରହିବ । ସମ୍ପତ୍ତି ସମ୍ବନ୍ଧୀୟ କାମ ସଫଳ ହେବ । ଶତ୍ରୁ ପରାସ୍ତ ହେବେ ।
♌
ନେତୃତ୍ୱ ନେବାର ସୁଯୋଗ ମିଳିବ । ସରକାରୀ କାମରେ ସଫଳତା ମିଳିବ । ଆତ୍ମବିଶ୍ୱାସ ବଢ଼ିବ ।
♍
ଆର୍ଥିକ ସ୍ଥିତି ସୁଧୁରିବ । ନୂଆ ଯୋଜନା ପ୍ରସ୍ତୁତ ହେବ । ମିତ୍ରଙ୍କ ସହଯୋଗ ମିଳିବ ।
♎
ବ୍ୟବସାୟରେ ନୂଆ ଚୁକ୍ତି ହୋଇପାରେ । ପ୍ରେମ ସମ୍ପର୍କ ମଧୁର ହେବ । ଯାତ୍ରା ଯୋଗ ଅଛି ।
♏
ଗୁପ୍ତ ଶତ୍ରୁଙ୍କଠାରୁ ସତର୍କ ରୁହନ୍ତୁ । କାର୍ଯ୍ୟରେ ବିଳମ୍ବ ହୋଇପାରେ । ଧୈର୍ଯ୍ୟ ରଖନ୍ତୁ ।
♐
ଶିକ୍ଷା କ୍ଷେତ୍ରରେ ସଫଳତା ମିଳିବ । ଧାର୍ମିକ କାର୍ଯ୍ୟରେ ଆଗ୍ରହ ବଢ଼ିବ । ସ୍ୱାସ୍ଥ୍ୟ ଭଲ ରହିବ ।
♑
ପରିଶ୍ରମ ଅଧିକ ହେବ । ଆୟ ମଧ୍ୟ ବଢ଼ିବ । ଘରୋଇ ସମସ୍ୟା ସମାଧାନ ହେବ ।
♒
ନୂଆ ବନ୍ଧୁତା ହେବ । କର୍ମକ୍ଷେତ୍ରରେ ପ୍ରଶଂସା ମିଳିବ । ଯାନବାହନ ଚଳାଇବା ବେଳେ ସତର୍କ ରୁହନ୍ତୁ ।
♓
ଚିନ୍ତା ଦୂର ହେବ । ଅଟକି ରହିଥିବା କାମ ସମ୍ପୂର୍ଣ୍ଣ ହେବ । ପରିବାରରେ ଶୁଭ କାର୍ଯ୍ୟ ହେବ ।
